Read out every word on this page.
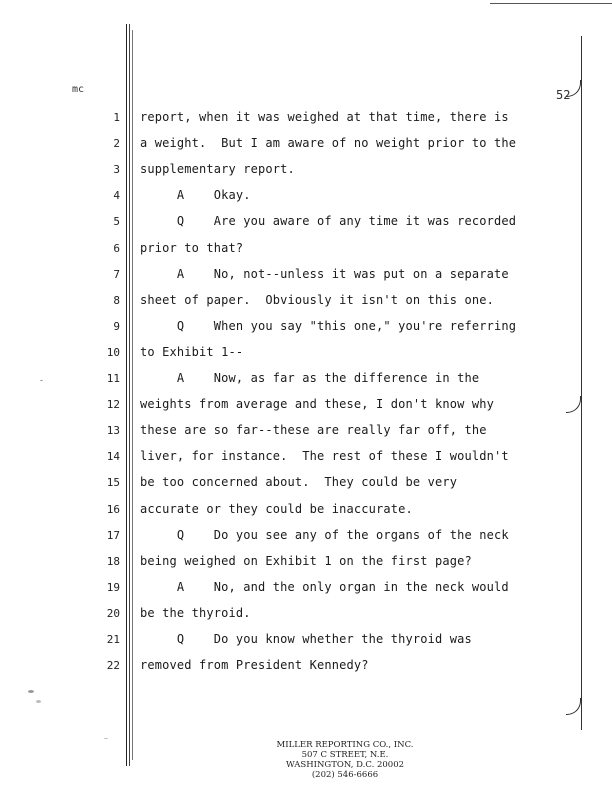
mc	52
1 report, when it was weighed at that time, there is
2 a weight.  But I am aware of no weight prior to the
3 supplementary report.
4 A    Okay.
5 Q    Are you aware of any time it was recorded
6 prior to that?
7 A    No, not--unless it was put on a separate
8 sheet of paper.  Obviously it isn't on this one.
9 Q    When you say "this one," you're referring
10 to Exhibit 1--
11 A    Now, as far as the difference in the
12 weights from average and these, I don't know why
13 these are so far--these are really far off, the
14 liver, for instance.  The rest of these I wouldn't
15 be too concerned about.  They could be very
16 accurate or they could be inaccurate.
17 Q    Do you see any of the organs of the neck
18 being weighed on Exhibit 1 on the first page?
19 A    No, and the only organ in the neck would
20 be the thyroid.
21 Q    Do you know whether the thyroid was
22 removed from President Kennedy?
MILLER REPORTING CO., INC.
507 C STREET, N.E.
WASHINGTON, D.C. 20002
(202) 546-6666
